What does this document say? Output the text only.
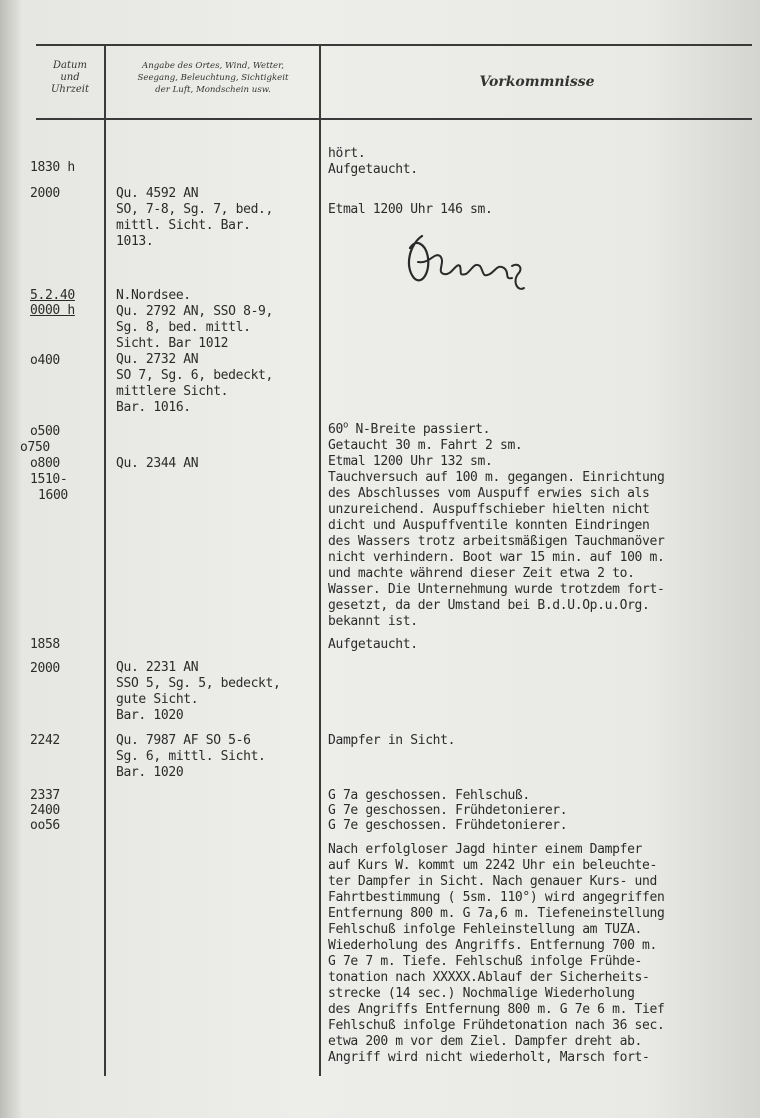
Datum
und
Uhrzeit
Angabe des Ortes, Wind, Wetter,
Seegang, Beleuchtung, Sichtigkeit
der Luft, Mondschein usw.	Vorkommnisse
1830 h
2000
5.2.40
0000 h
o400
o500
o750
o800
1510-
1600
1858
2000
2242
2337
2400
oo56
Qu. 4592 AN
SO, 7-8, Sg. 7, bed.,
mittl. Sicht. Bar.
1013.
N.Nordsee.
Qu. 2792 AN, SSO 8-9,
Sg. 8, bed. mittl.
Sicht. Bar 1012
Qu. 2732 AN
SO 7, Sg. 6, bedeckt,
mittlere Sicht.
Bar. 1016.
Qu. 2344 AN
Qu. 2231 AN
SSO 5, Sg. 5, bedeckt,
gute Sicht.
Bar. 1020
Qu. 7987 AF SO 5-6
Sg. 6, mittl. Sicht.
Bar. 1020
hört.
Aufgetaucht.
Etmal 1200 Uhr 146 sm.
60$^o$ N-Breite passiert.
Getaucht 30 m. Fahrt 2 sm.
Etmal 1200 Uhr 132 sm.
Tauchversuch auf 100 m. gegangen. Einrichtung
des Abschlusses vom Auspuff erwies sich als
unzureichend. Auspuffschieber hielten nicht
dicht und Auspuffventile konnten Eindringen
des Wassers trotz arbeitsmäßigen Tauchmanöver
nicht verhindern. Boot war 15 min. auf 100 m.
und machte während dieser Zeit etwa 2 to.
Wasser. Die Unternehmung wurde trotzdem fort-
gesetzt, da der Umstand bei B.d.U.Op.u.Org.
bekannt ist.
Aufgetaucht.
Dampfer in Sicht.
G 7a geschossen. Fehlschuß.
G 7e geschossen. Frühdetonierer.
G 7e geschossen. Frühdetonierer.
Nach erfolgloser Jagd hinter einem Dampfer
auf Kurs W. kommt um 2242 Uhr ein beleuchte-
ter Dampfer in Sicht. Nach genauer Kurs- und
Fahrtbestimmung ( 5sm. 110°) wird angegriffen
Entfernung 800 m. G 7a,6 m. Tiefeneinstellung
Fehlschuß infolge Fehleinstellung am TUZA.
Wiederholung des Angriffs. Entfernung 700 m.
G 7e 7 m. Tiefe. Fehlschuß infolge Frühde-
tonation nach XXXXX.Ablauf der Sicherheits-
strecke (14 sec.) Nochmalige Wiederholung
des Angriffs Entfernung 800 m. G 7e 6 m. Tief
Fehlschuß infolge Frühdetonation nach 36 sec.
etwa 200 m vor dem Ziel. Dampfer dreht ab.
Angriff wird nicht wiederholt, Marsch fort-
